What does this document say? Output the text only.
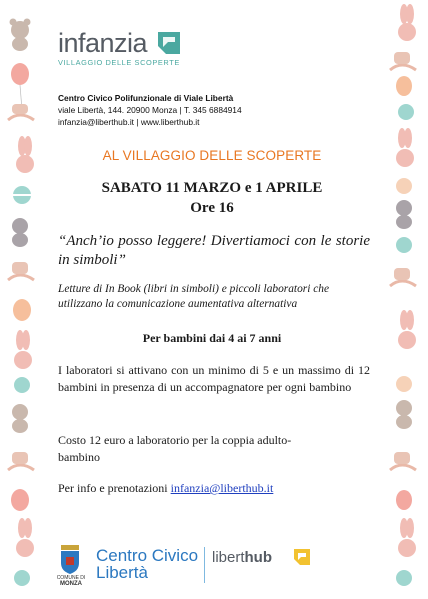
infanzia
VILLAGGIO DELLE SCOPERTE
Centro Civico Polifunzionale di Viale Libertà
viale Libertà, 144. 20900 Monza | T. 345 6884914
infanzia@liberthub.it | www.liberthub.it
AL VILLAGGIO DELLE SCOPERTE
SABATO 11 MARZO e 1 APRILE
Ore 16
“Anch’io posso leggere! Divertiamoci con le storie in simboli”
Letture di In Book (libri in simboli) e piccoli laboratori che utilizzano la comunicazione aumentativa alternativa
Per bambini dai 4 ai 7 anni
I laboratori si attivano con un minimo di 5 e un massimo di 12 bambini in presenza di un accompagnatore per ogni bambino
Costo 12 euro a laboratorio per la coppia adulto-bambino
Per info e prenotazioni infanzia@liberthub.it
COMUNE DI
MONZA
Centro Civico
Libertà
liberthub
